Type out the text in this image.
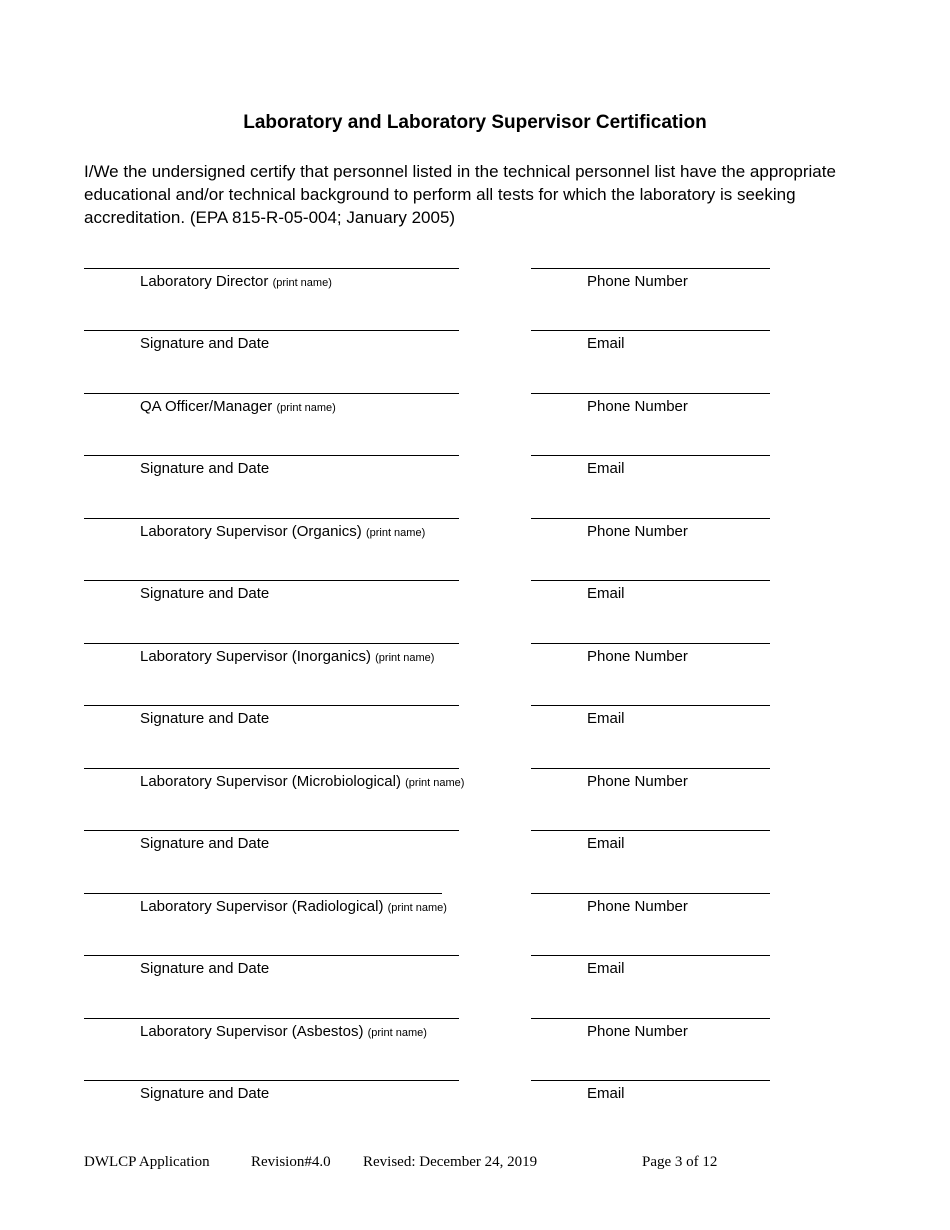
Laboratory and Laboratory Supervisor Certification
I/We the undersigned certify that personnel listed in the technical personnel list have the appropriate educational and/or technical background to perform all tests for which the laboratory is seeking accreditation. (EPA 815-R-05-004; January 2005)
Laboratory Director (print name)	Phone Number
Signature and Date	Email
QA Officer/Manager (print name)	Phone Number
Signature and Date	Email
Laboratory Supervisor (Organics) (print name)	Phone Number
Signature and Date	Email
Laboratory Supervisor (Inorganics) (print name)	Phone Number
Signature and Date	Email
Laboratory Supervisor (Microbiological) (print name)	Phone Number
Signature and Date	Email
Laboratory Supervisor (Radiological) (print name)	Phone Number
Signature and Date	Email
Laboratory Supervisor (Asbestos) (print name)	Phone Number
Signature and Date	Email
DWLCP Application	Revision#4.0 Revised: December 24, 2019	Page 3 of 12
